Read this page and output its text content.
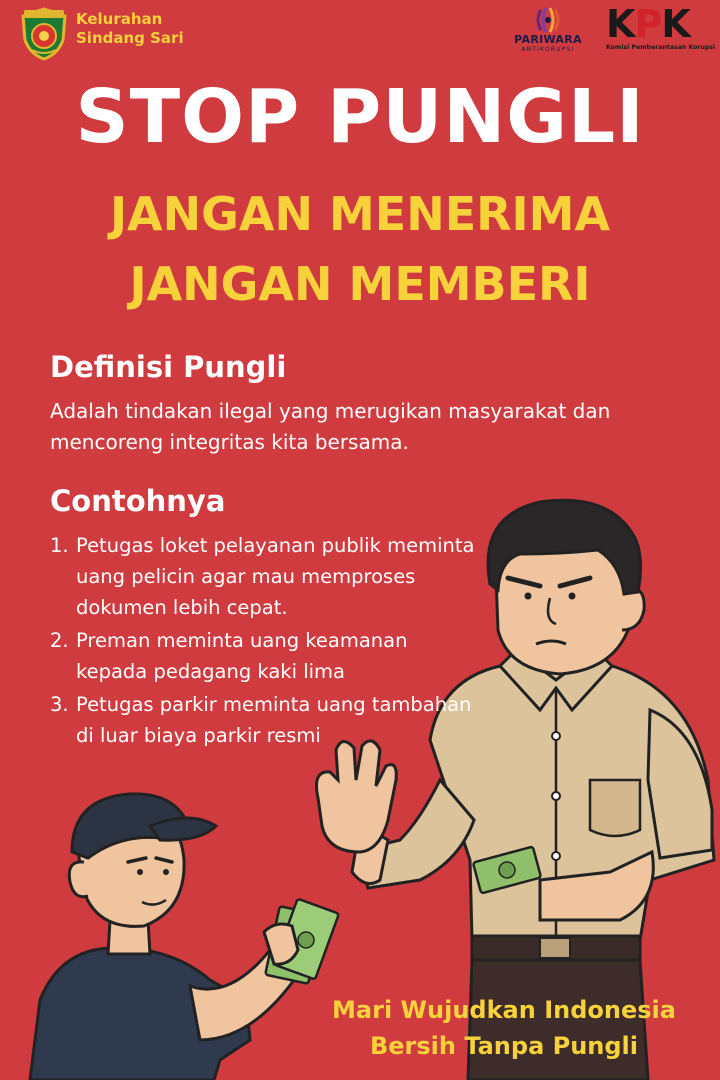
Kelurahan
Sindang Sari	PARIWARA
ANTIKORUPSI
KPK
Komisi Pemberantasan Korupsi
STOP PUNGLI
JANGAN MENERIMA
JANGAN MEMBERI
Definisi Pungli
Adalah tindakan ilegal yang merugikan masyarakat dan mencoreng integritas kita bersama.
Contohnya
1. Petugas loket pelayanan publik meminta uang pelicin agar mau memproses dokumen lebih cepat.
2. Preman meminta uang keamanan kepada pedagang kaki lima
3. Petugas parkir meminta uang tambahan di luar biaya parkir resmi
Mari Wujudkan Indonesia
Bersih Tanpa Pungli
